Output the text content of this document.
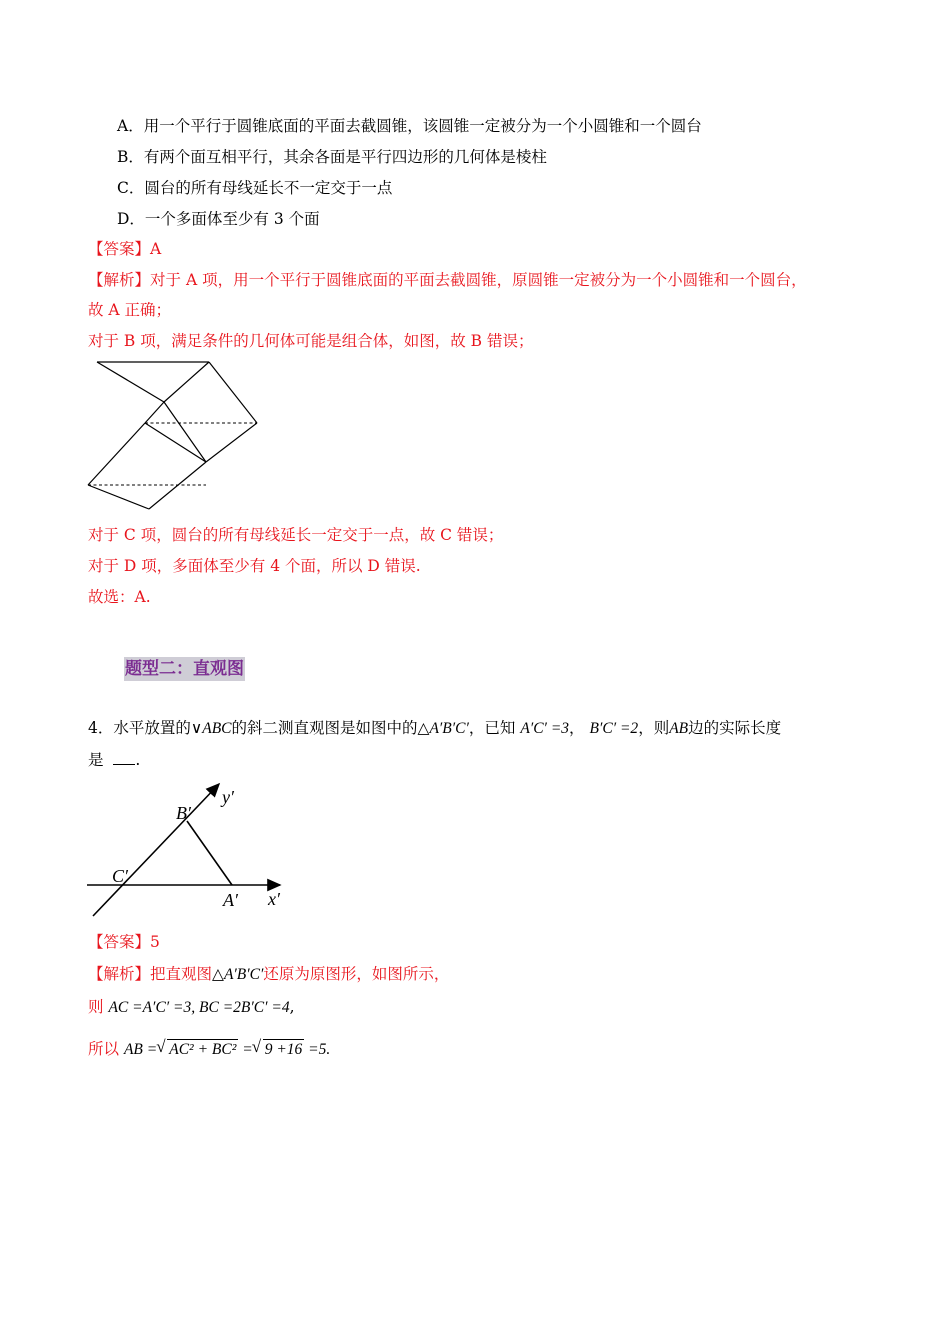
A．用一个平行于圆锥底面的平面去截圆锥，该圆锥一定被分为一个小圆锥和一个圆台
B．有两个面互相平行，其余各面是平行四边形的几何体是棱柱
C．圆台的所有母线延长不一定交于一点
D．一个多面体至少有 3 个面
【答案】A
【解析】对于 A 项，用一个平行于圆锥底面的平面去截圆锥，原圆锥一定被分为一个小圆锥和一个圆台，
故 A 正确；
对于 B 项，满足条件的几何体可能是组合体，如图，故 B 错误；
对于 C 项，圆台的所有母线延长一定交于一点，故 C 错误；
对于 D 项，多面体至少有 4 个面，所以 D 错误.
故选：A.
题型二：直观图
4．水平放置的∨ABC的斜二测直观图是如图中的△A′B′C′，已知 A′C′ =3， B′C′ =2，则AB边的实际长度
是 .
B′
y′
C′
A′ x′
【答案】5
【解析】把直观图△A′B′C′还原为原图形，如图所示，
则 AC =A′C′ =3, BC =2B′C′ =4,
所以 AB = √ AC² + BC² = √ 9 +16 =5.
